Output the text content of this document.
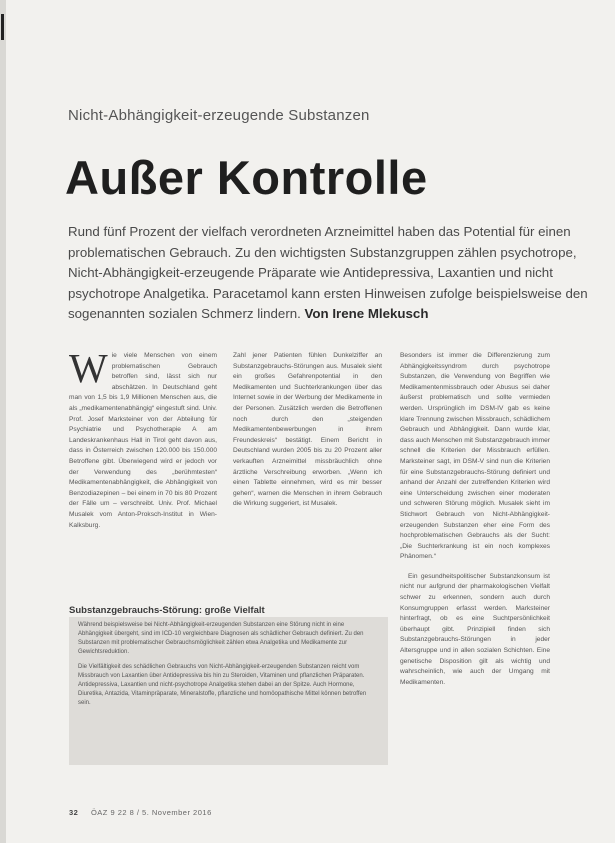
Nicht-Abhängigkeit-erzeugende Substanzen
Außer Kontrolle
Rund fünf Prozent der vielfach verordneten Arzneimittel haben das Potential für einen problematischen Gebrauch. Zu den wichtigsten Substanzgruppen zählen psychotrope, Nicht-Abhängigkeit-erzeugende Präparate wie Antidepressiva, Laxantien und nicht psychotrope Analgetika. Paracetamol kann ersten Hinweisen zufolge beispielsweise den sogenannten sozialen Schmerz lindern. Von Irene Mlekusch
W ie viele Menschen von einem problematischen Gebrauch betroffen sind, lässt sich nur abschätzen. In Deutschland geht man von 1,5 bis 1,9 Millionen Menschen aus, die als „medikamentenabhängig“ eingestuft sind. Univ. Prof. Josef Marksteiner von der Abteilung für Psychiatrie und Psychotherapie A am Landeskrankenhaus Hall in Tirol geht davon aus, dass in Österreich zwischen 120.000 bis 150.000 Betroffene gibt. Überwiegend wird er jedoch vor der Verwendung des „berühmtesten“ Medikamentenabhängigkeit, die Abhängigkeit von Benzodiazepinen – bei einem in 70 bis 80 Prozent der Fälle um – verschreibt. Univ. Prof. Michael Musalek vom Anton-Proksch-Institut in Wien-Kalksburg.
Zahl jener Patienten fühlen Dunkelziffer an Substanzgebrauchs-Störungen aus. Musalek sieht ein großes Gefahrenpotential in den Medikamenten und Suchterkrankungen über das Internet sowie in der Werbung der Medikamente in der Personen. Zusätzlich werden die Betroffenen noch durch den „steigenden Medikamentenbewerbungen in ihrem Freundeskreis“ bestätigt. Einem Bericht in Deutschland wurden 2005 bis zu 20 Prozent aller verkauften Arzneimittel missbräuchlich ohne ärztliche Verschreibung erworben. „Wenn ich einen Tablette einnehmen, wird es mir besser gehen“, warnen die Menschen in ihrem Gebrauch die Wirkung suggeriert, ist Musalek.

Besonders ist immer die Differenzierung zum Abhängigkeitssyndrom durch psychotrope Substanzen, die Verwendung von Begriffen wie Medikamentenmissbrauch oder Abusus sei daher äußerst problematisch und sollte vermieden werden. Ursprünglich im DSM-IV gab es keine klare Trennung zwischen Missbrauch, schädlichem Gebrauch und Abhängigkeit. Dann wurde klar, dass auch Menschen mit Substanzgebrauch immer schnell die Kriterien der Missbrauch erfüllen. Marksteiner sagt, im DSM-V sind nun die Kriterien für eine Substanzgebrauchs-Störung definiert und anhand der Anzahl der zutreffenden Kriterien wird eine Unterscheidung zwischen einer moderaten und schweren Störung möglich. Musalek sieht im Stichwort Gebrauch von Nicht-Abhängigkeit-erzeugenden Substanzen eher eine Form des hochproblematischen Gebrauchs als der Sucht: „Die Suchterkrankung ist ein noch komplexes Phänomen.“

Ein gesundheitspolitischer Substanzkonsum ist nicht nur aufgrund der pharmakologischen Vielfalt schwer zu erkennen, sondern auch durch Konsumgruppen erfasst werden. Marksteiner hinterfragt, ob es eine Suchtpersönlichkeit überhaupt gibt. Prinzipiell finden sich Substanzgebrauchs-Störungen in jeder Altersgruppe und in allen sozialen Schichten. Eine genetische Disposition gilt als wichtig und wahrscheinlich, wie auch der Umgang mit Medikamenten.

Substanzgebrauchs-Störung: große Vielfalt

Während beispielsweise bei Nicht-Abhängigkeit-erzeugenden Substanzen eine Störung nicht in eine Abhängigkeit übergeht, sind im ICD-10 vergleichbare Diagnosen als schädlicher Gebrauch definiert. Zu den Substanzen mit problematischer Gebrauchsmöglichkeit zählen etwa Analgetika und Medikamente zur Gewichtsreduktion.

Die Vielfältigkeit des schädlichen Gebrauchs von Nicht-Abhängigkeit-erzeugenden Substanzen reicht vom Missbrauch von Laxantien über Antidepressiva bis hin zu Steroiden, Vitaminen und pflanzlichen Präparaten. Antidepressiva, Laxantien und nicht-psychotrope Analgetika stehen dabei an der Spitze. Auch Hormone, Diuretika, Antazida, Vitaminpräparate, Mineralstoffe, pflanzliche und homöopathische Mittel können betroffen sein.

32 ÖAZ 9 22 8 / 5. November 2016
